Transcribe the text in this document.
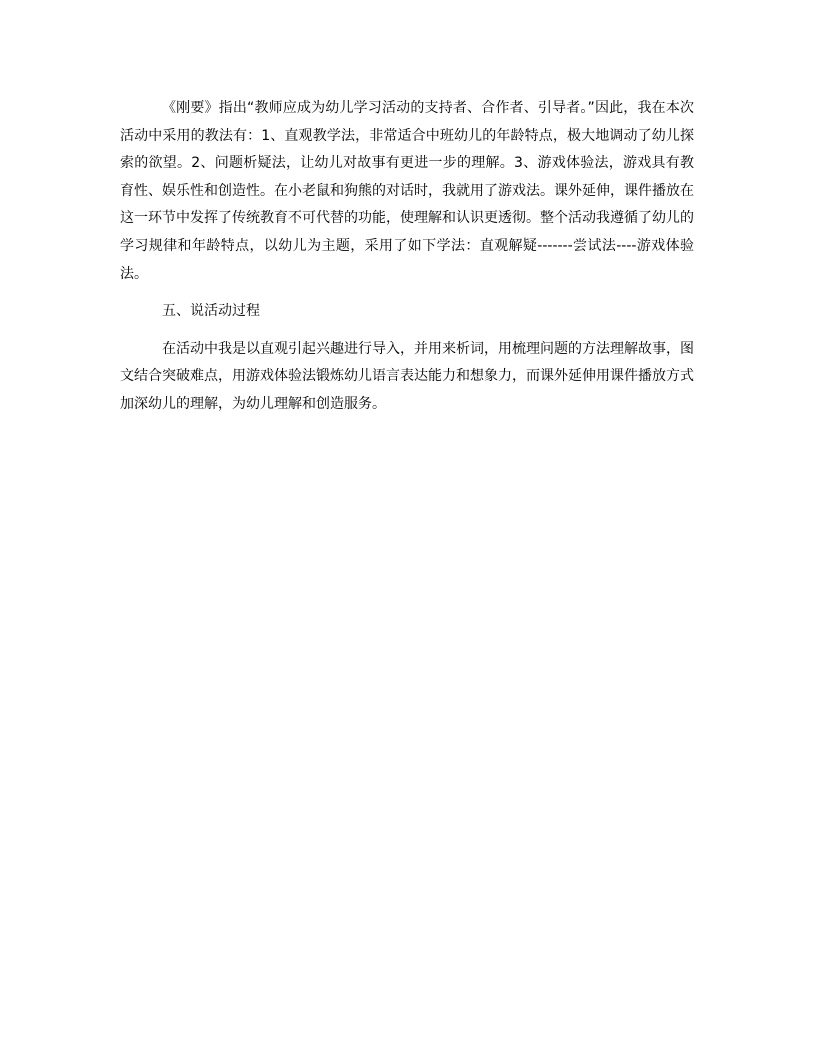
《刚要》指出“教师应成为幼儿学习活动的支持者、合作者、引导者。”因此，我在本次活动中采用的教法有：1、直观教学法，非常适合中班幼儿的年龄特点，极大地调动了幼儿探索的欲望。2、问题析疑法，让幼儿对故事有更进一步的理解。3、游戏体验法，游戏具有教育性、娱乐性和创造性。在小老鼠和狗熊的对话时，我就用了游戏法。课外延伸，课件播放在这一环节中发挥了传统教育不可代替的功能，使理解和认识更透彻。整个活动我遵循了幼儿的学习规律和年龄特点，以幼儿为主题，采用了如下学法：直观解疑-------尝试法----游戏体验法。

五、说活动过程

在活动中我是以直观引起兴趣进行导入，并用来析词，用梳理问题的方法理解故事，图文结合突破难点，用游戏体验法锻炼幼儿语言表达能力和想象力，而课外延伸用课件播放方式加深幼儿的理解，为幼儿理解和创造服务。
